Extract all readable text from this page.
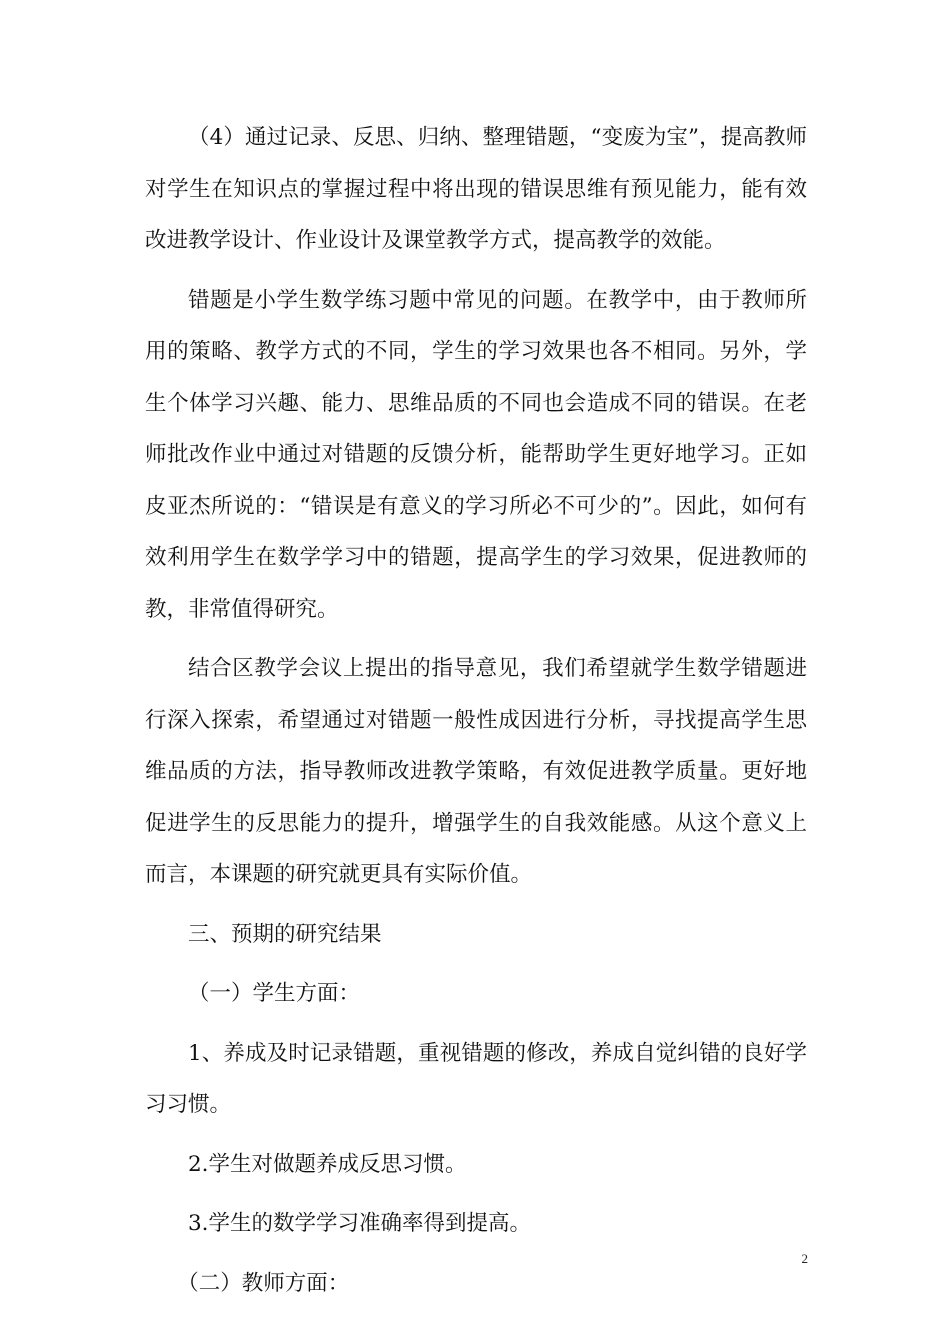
（4）通过记录、反思、归纳、整理错题，“变废为宝”，提高教师对学生在知识点的掌握过程中将出现的错误思维有预见能力，能有效改进教学设计、作业设计及课堂教学方式，提高教学的效能。

错题是小学生数学练习题中常见的问题。在教学中，由于教师所用的策略、教学方式的不同，学生的学习效果也各不相同。另外，学生个体学习兴趣、能力、思维品质的不同也会造成不同的错误。在老师批改作业中通过对错题的反馈分析，能帮助学生更好地学习。正如皮亚杰所说的：“错误是有意义的学习所必不可少的”。因此，如何有效利用学生在数学学习中的错题，提高学生的学习效果，促进教师的教，非常值得研究。

结合区教学会议上提出的指导意见，我们希望就学生数学错题进行深入探索，希望通过对错题一般性成因进行分析，寻找提高学生思维品质的方法，指导教师改进教学策略，有效促进教学质量。更好地促进学生的反思能力的提升，增强学生的自我效能感。从这个意义上而言，本课题的研究就更具有实际价值。

三、预期的研究结果

（一）学生方面：

1、养成及时记录错题，重视错题的修改，养成自觉纠错的良好学习习惯。

2.学生对做题养成反思习惯。

3.学生的数学学习准确率得到提高。

（二）教师方面：

2
